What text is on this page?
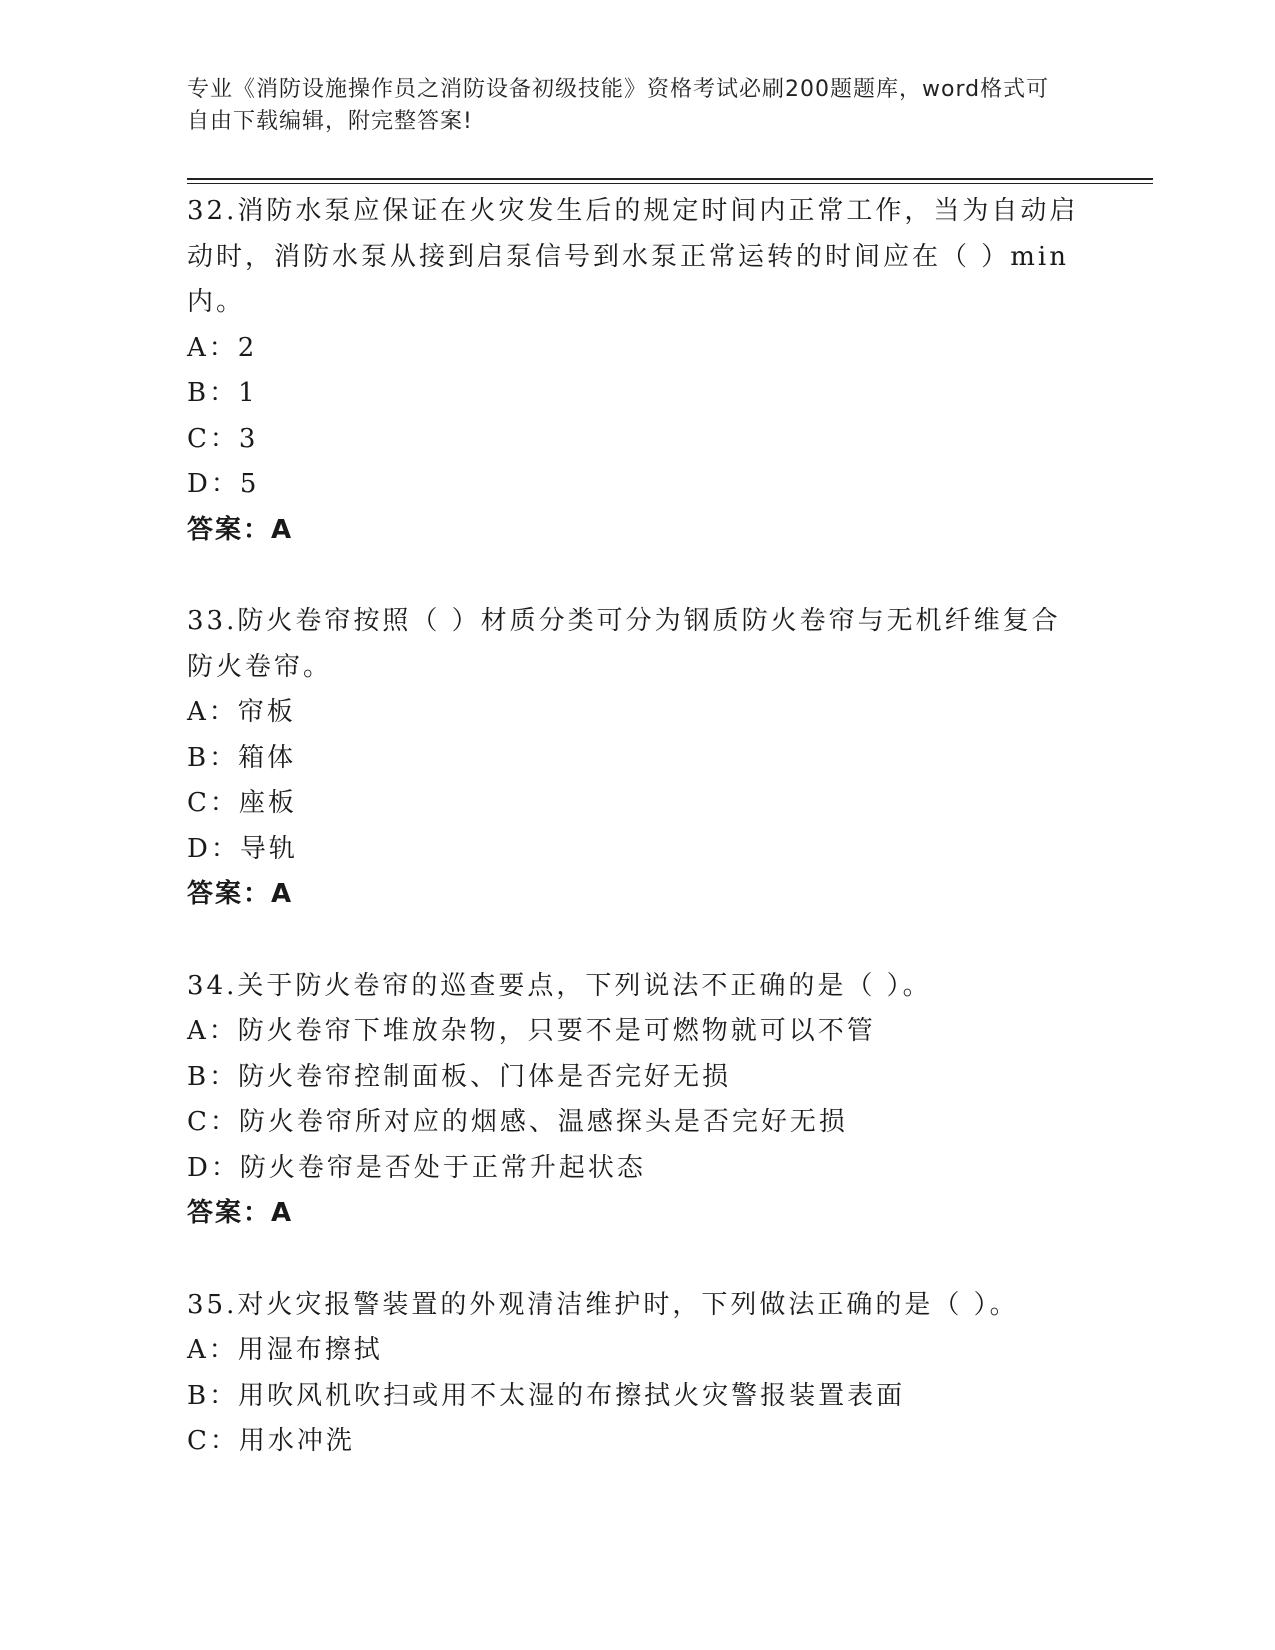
专业《消防设施操作员之消防设备初级技能》资格考试必刷200题题库，word格式可自由下载编辑，附完整答案!

32.消防水泵应保证在火灾发生后的规定时间内正常工作，当为自动启动时，消防水泵从接到启泵信号到水泵正常运转的时间应在（ ）min内。

A：2

B：1

C：3

D：5

答案：A

33.防火卷帘按照（ ）材质分类可分为钢质防火卷帘与无机纤维复合防火卷帘。

A：帘板

B：箱体

C：座板

D：导轨

答案：A

34.关于防火卷帘的巡查要点，下列说法不正确的是（ ）。

A：防火卷帘下堆放杂物，只要不是可燃物就可以不管

B：防火卷帘控制面板、门体是否完好无损

C：防火卷帘所对应的烟感、温感探头是否完好无损

D：防火卷帘是否处于正常升起状态

答案：A

35.对火灾报警装置的外观清洁维护时，下列做法正确的是（ ）。

A：用湿布擦拭

B：用吹风机吹扫或用不太湿的布擦拭火灾警报装置表面

C：用水冲洗
